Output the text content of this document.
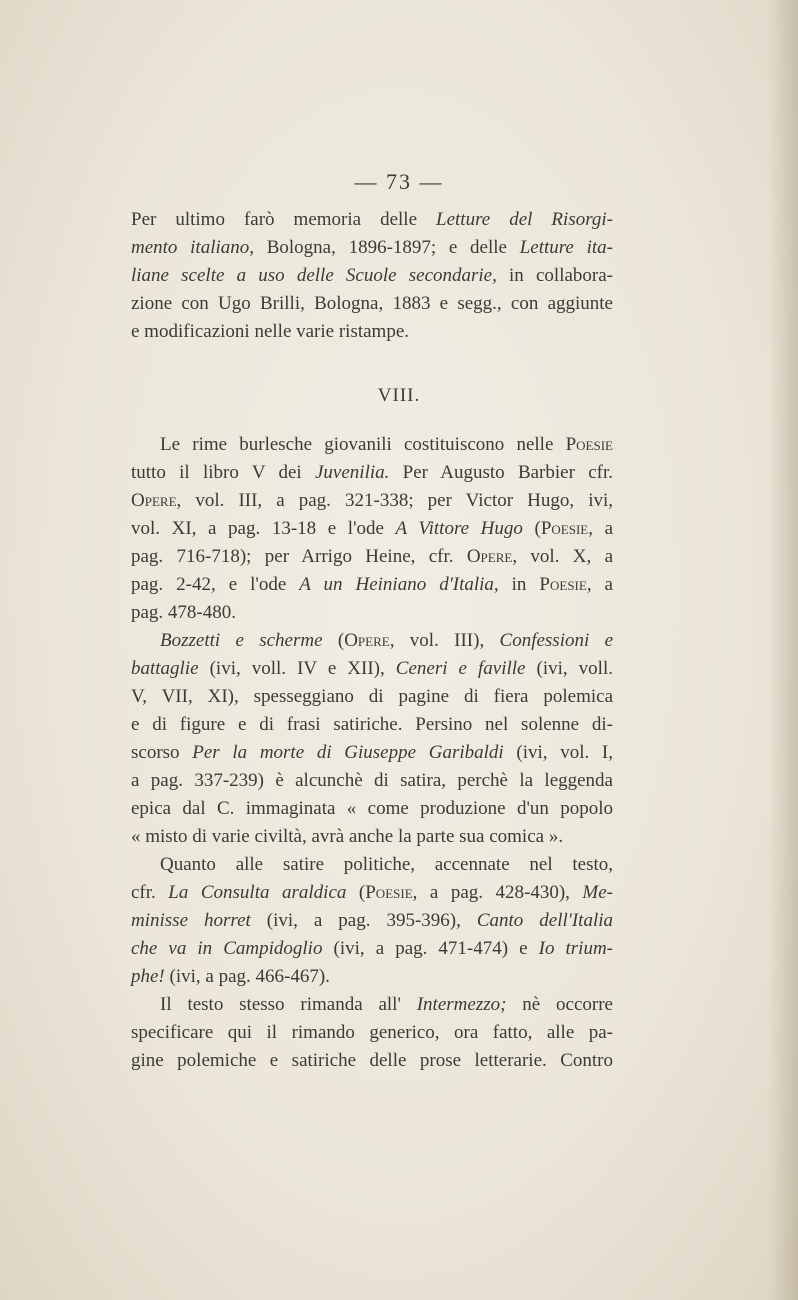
— 73 —
Per ultimo farò memoria delle Letture del Risorgi-
mento italiano, Bologna, 1896-1897; e delle Letture ita-
liane scelte a uso delle Scuole secondarie, in collabora-
zione con Ugo Brilli, Bologna, 1883 e segg., con aggiunte
e modificazioni nelle varie ristampe.
VIII.
Le rime burlesche giovanili costituiscono nelle Poesie
tutto il libro V dei Juvenilia. Per Augusto Barbier cfr.
Opere, vol. III, a pag. 321-338; per Victor Hugo, ivi,
vol. XI, a pag. 13-18 e l'ode A Vittore Hugo (Poesie, a
pag. 716-718); per Arrigo Heine, cfr. Opere, vol. X, a
pag. 2-42, e l'ode A un Heiniano d'Italia, in Poesie, a
pag. 478-480.
Bozzetti e scherme (Opere, vol. III), Confessioni e
battaglie (ivi, voll. IV e XII), Ceneri e faville (ivi, voll.
V, VII, XI), spesseggiano di pagine di fiera polemica
e di figure e di frasi satiriche. Persino nel solenne di-
scorso Per la morte di Giuseppe Garibaldi (ivi, vol. I,
a pag. 337-239) è alcunchè di satira, perchè la leggenda
epica dal C. immaginata « come produzione d'un popolo
« misto di varie civiltà, avrà anche la parte sua comica ».
Quanto alle satire politiche, accennate nel testo,
cfr. La Consulta araldica (Poesie, a pag. 428-430), Me-
minisse horret (ivi, a pag. 395-396), Canto dell'Italia
che va in Campidoglio (ivi, a pag. 471-474) e Io trium-
phe! (ivi, a pag. 466-467).
Il testo stesso rimanda all' Intermezzo; nè occorre
specificare qui il rimando generico, ora fatto, alle pa-
gine polemiche e satiriche delle prose letterarie. Contro
